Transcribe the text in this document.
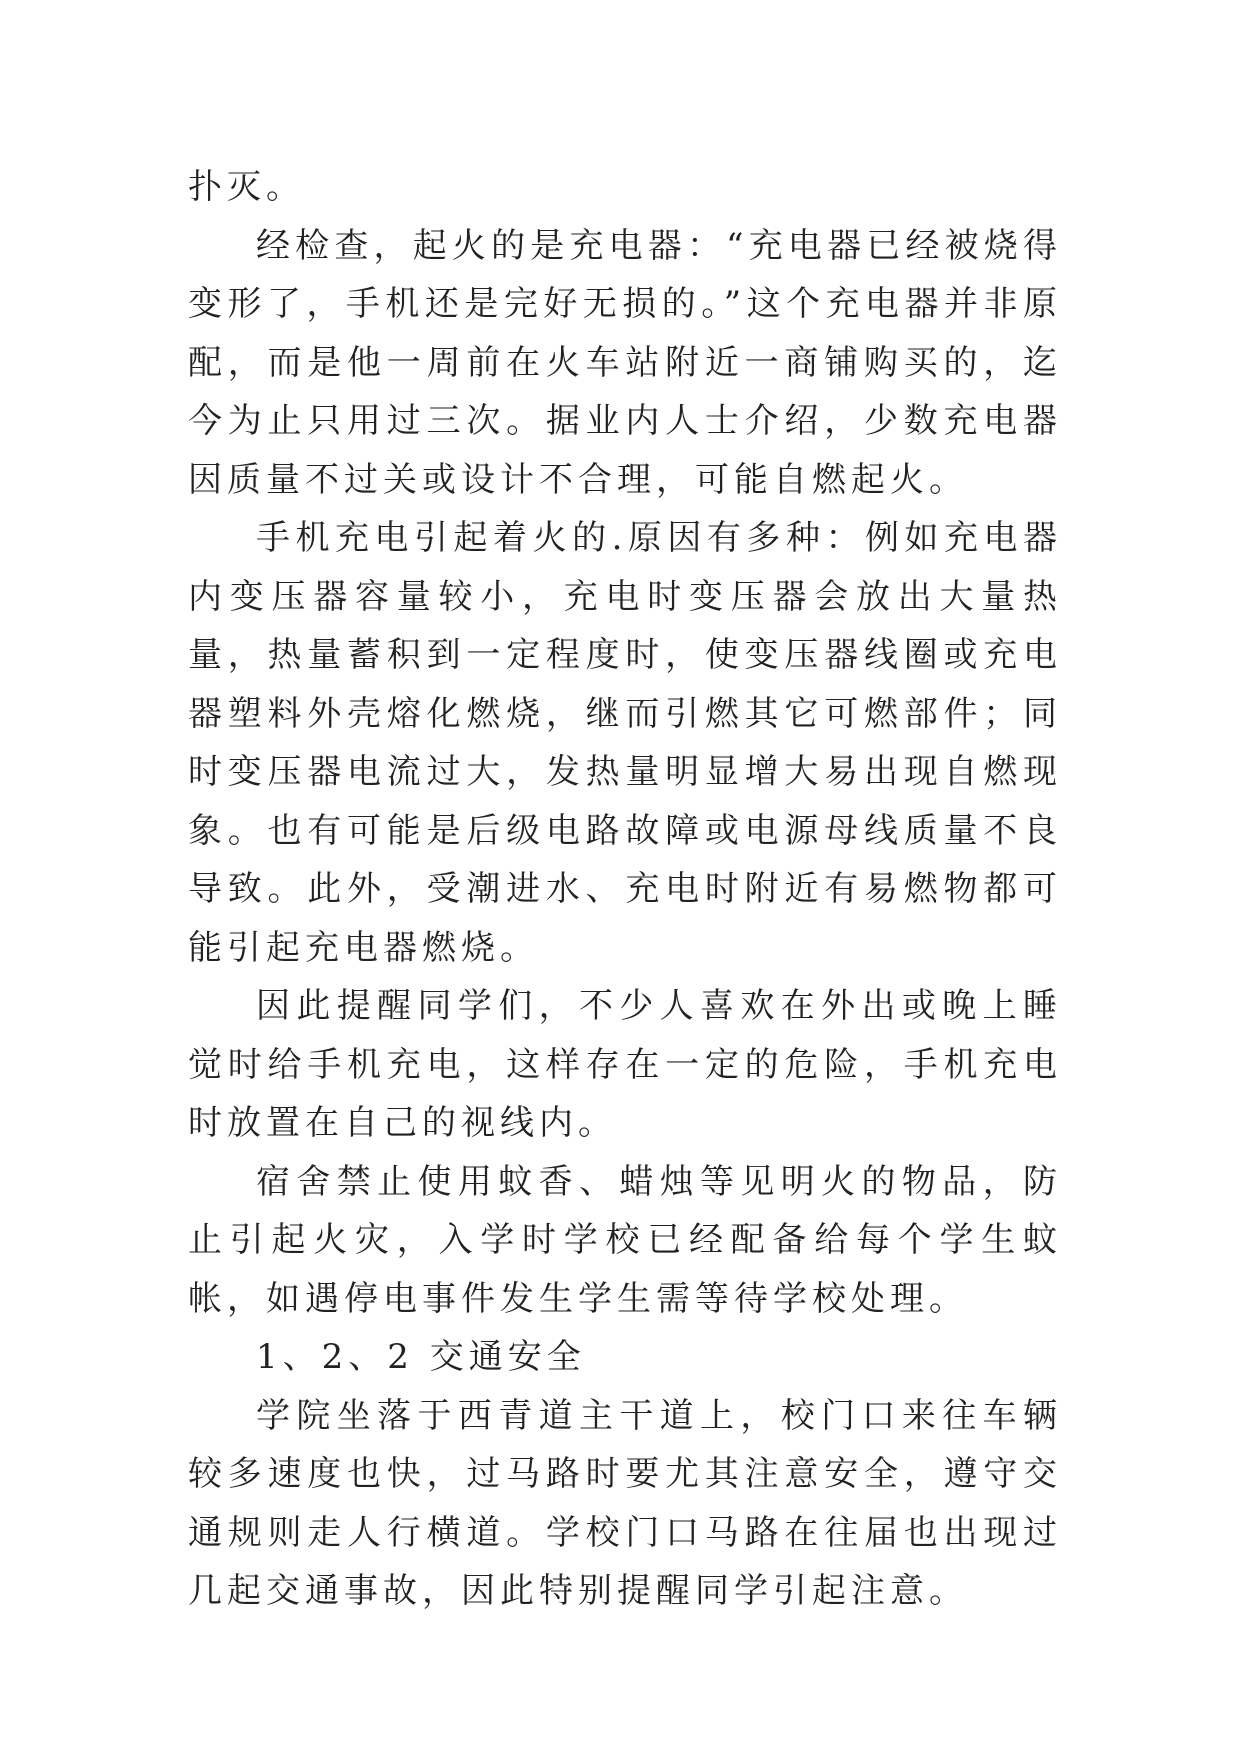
扑灭。

经检查，起火的是充电器：“充电器已经被烧得变形了，手机还是完好无损的。”这个充电器并非原配，而是他一周前在火车站附近一商铺购买的，迄今为止只用过三次。据业内人士介绍，少数充电器因质量不过关或设计不合理，可能自燃起火。

手机充电引起着火的.原因有多种：例如充电器内变压器容量较小，充电时变压器会放出大量热量，热量蓄积到一定程度时，使变压器线圈或充电器塑料外壳熔化燃烧，继而引燃其它可燃部件；同时变压器电流过大，发热量明显增大易出现自燃现象。也有可能是后级电路故障或电源母线质量不良导致。此外，受潮进水、充电时附近有易燃物都可能引起充电器燃烧。

因此提醒同学们，不少人喜欢在外出或晚上睡觉时给手机充电，这样存在一定的危险，手机充电时放置在自己的视线内。

宿舍禁止使用蚊香、蜡烛等见明火的物品，防止引起火灾，入学时学校已经配备给每个学生蚊帐，如遇停电事件发生学生需等待学校处理。

1、2、2 交通安全

学院坐落于西青道主干道上，校门口来往车辆较多速度也快，过马路时要尤其注意安全，遵守交通规则走人行横道。学校门口马路在往届也出现过几起交通事故，因此特别提醒同学引起注意。
